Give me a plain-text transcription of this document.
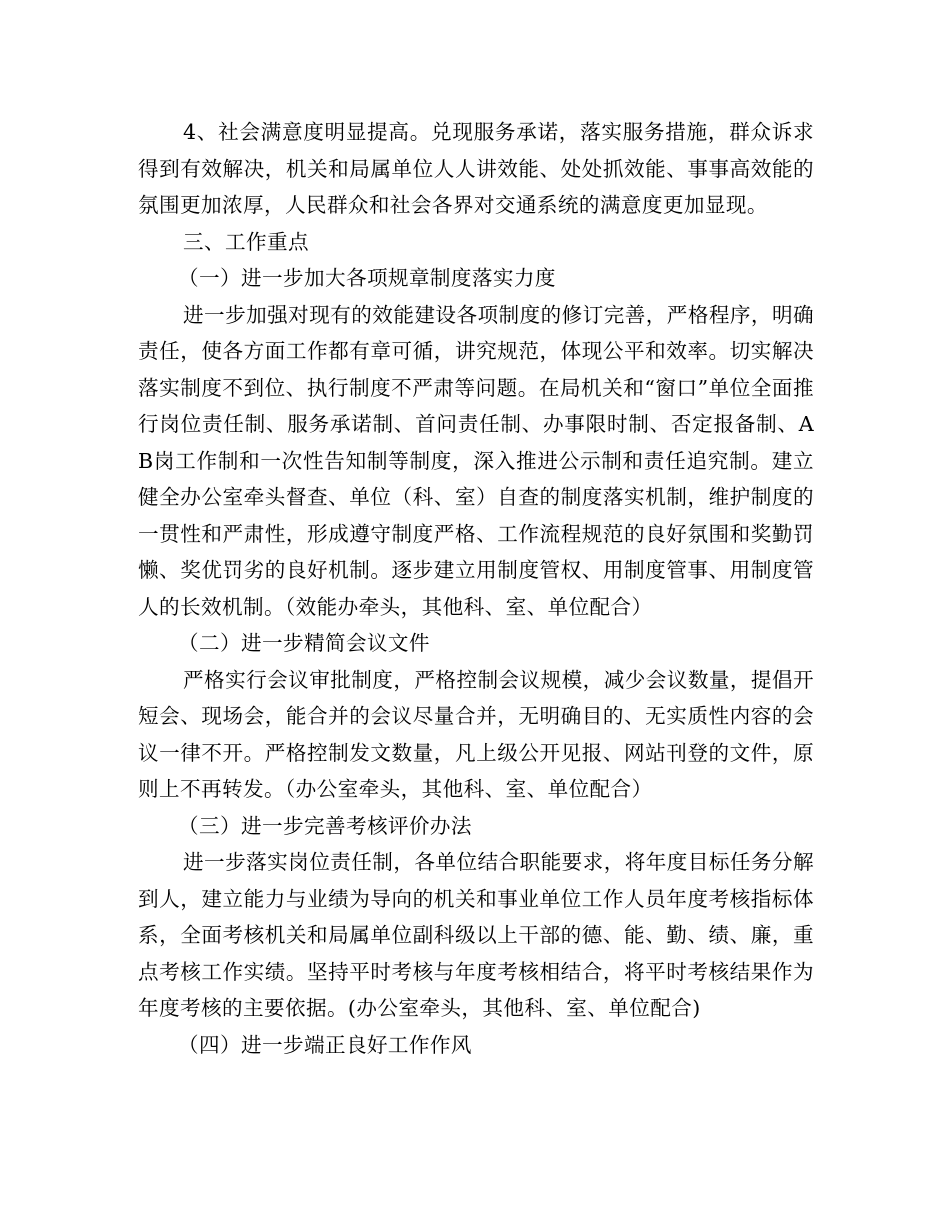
4、社会满意度明显提高。兑现服务承诺，落实服务措施，群众诉求得到有效解决，机关和局属单位人人讲效能、处处抓效能、事事高效能的氛围更加浓厚，人民群众和社会各界对交通系统的满意度更加显现。

三、工作重点

（一）进一步加大各项规章制度落实力度

进一步加强对现有的效能建设各项制度的修订完善，严格程序，明确责任，使各方面工作都有章可循，讲究规范，体现公平和效率。切实解决落实制度不到位、执行制度不严肃等问题。在局机关和“窗口”单位全面推行岗位责任制、服务承诺制、首问责任制、办事限时制、否定报备制、AB岗工作制和一次性告知制等制度，深入推进公示制和责任追究制。建立健全办公室牵头督查、单位（科、室）自查的制度落实机制，维护制度的一贯性和严肃性，形成遵守制度严格、工作流程规范的良好氛围和奖勤罚懒、奖优罚劣的良好机制。逐步建立用制度管权、用制度管事、用制度管人的长效机制。（效能办牵头，其他科、室、单位配合）

（二）进一步精简会议文件

严格实行会议审批制度，严格控制会议规模，减少会议数量，提倡开短会、现场会，能合并的会议尽量合并，无明确目的、无实质性内容的会议一律不开。严格控制发文数量，凡上级公开见报、网站刊登的文件，原则上不再转发。（办公室牵头，其他科、室、单位配合）

（三）进一步完善考核评价办法

进一步落实岗位责任制，各单位结合职能要求，将年度目标任务分解到人，建立能力与业绩为导向的机关和事业单位工作人员年度考核指标体系，全面考核机关和局属单位副科级以上干部的德、能、勤、绩、廉，重点考核工作实绩。坚持平时考核与年度考核相结合，将平时考核结果作为年度考核的主要依据。(办公室牵头，其他科、室、单位配合)

（四）进一步端正良好工作作风
